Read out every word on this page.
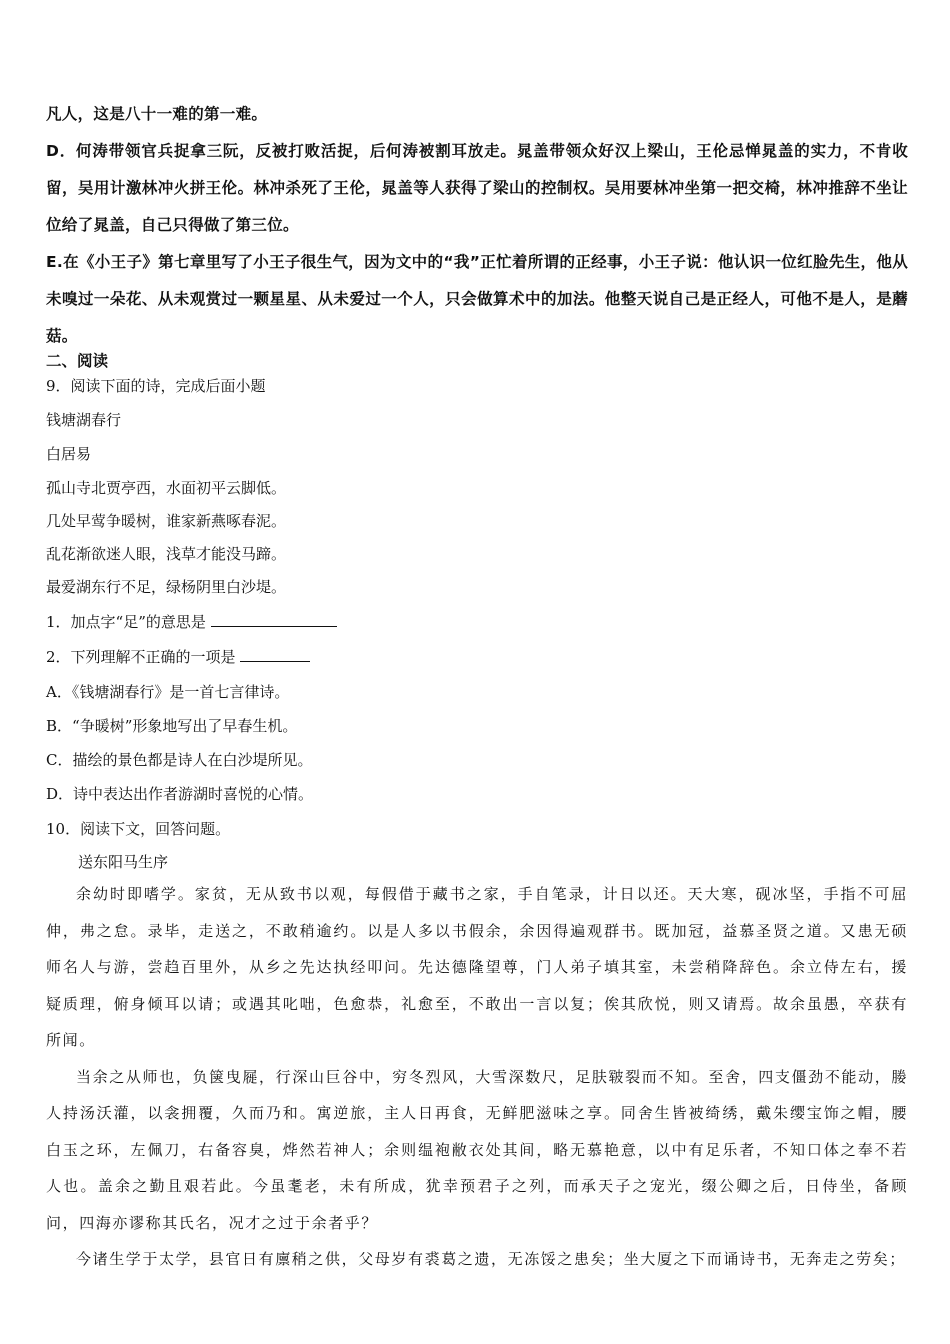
凡人，这是八十一难的第一难。

D．何涛带领官兵捉拿三阮，反被打败活捉，后何涛被割耳放走。晁盖带领众好汉上梁山，王伦忌惮晁盖的实力，不肯收留，吴用计激林冲火拼王伦。林冲杀死了王伦，晁盖等人获得了梁山的控制权。吴用要林冲坐第一把交椅，林冲推辞不坐让位给了晁盖，自己只得做了第三位。

E.在《小王子》第七章里写了小王子很生气，因为文中的“我”正忙着所谓的正经事，小王子说：他认识一位红脸先生，他从未嗅过一朵花、从未观赏过一颗星星、从未爱过一个人，只会做算术中的加法。他整天说自己是正经人，可他不是人，是蘑菇。

二、阅读
9．阅读下面的诗，完成后面小题
钱塘湖春行
白居易
孤山寺北贾亭西，水面初平云脚低。
几处早莺争暖树，谁家新燕啄春泥。
乱花渐欲迷人眼，浅草才能没马蹄。
最爱湖东行不足，绿杨阴里白沙堤。
1．加点字“足”的意思是
2．下列理解不正确的一项是
A．《钱塘湖春行》是一首七言律诗。
B．“争暖树”形象地写出了早春生机。
C．描绘的景色都是诗人在白沙堤所见。
D．诗中表达出作者游湖时喜悦的心情。
10．阅读下文，回答问题。
送东阳马生序

余幼时即嗜学。家贫，无从致书以观，每假借于藏书之家，手自笔录，计日以还。天大寒，砚冰坚，手指不可屈伸，弗之怠。录毕，走送之，不敢稍逾约。以是人多以书假余，余因得遍观群书。既加冠，益慕圣贤之道。又患无硕师名人与游，尝趋百里外，从乡之先达执经叩问。先达德隆望尊，门人弟子填其室，未尝稍降辞色。余立侍左右，援疑质理，俯身倾耳以请；或遇其叱咄，色愈恭，礼愈至，不敢出一言以复；俟其欣悦，则又请焉。故余虽愚，卒获有所闻。

当余之从师也，负箧曳屣，行深山巨谷中，穷冬烈风，大雪深数尺，足肤皲裂而不知。至舍，四支僵劲不能动，媵人持汤沃灌，以衾拥覆，久而乃和。寓逆旅，主人日再食，无鲜肥滋味之享。同舍生皆被绮绣，戴朱缨宝饰之帽，腰白玉之环，左佩刀，右备容臭，烨然若神人；余则缊袍敝衣处其间，略无慕艳意，以中有足乐者，不知口体之奉不若人也。盖余之勤且艰若此。今虽耄老，未有所成，犹幸预君子之列，而承天子之宠光，缀公卿之后，日侍坐，备顾问，四海亦谬称其氏名，况才之过于余者乎？

今诸生学于太学，县官日有廪稍之供，父母岁有裘葛之遗，无冻馁之患矣；坐大厦之下而诵诗书，无奔走之劳矣；
